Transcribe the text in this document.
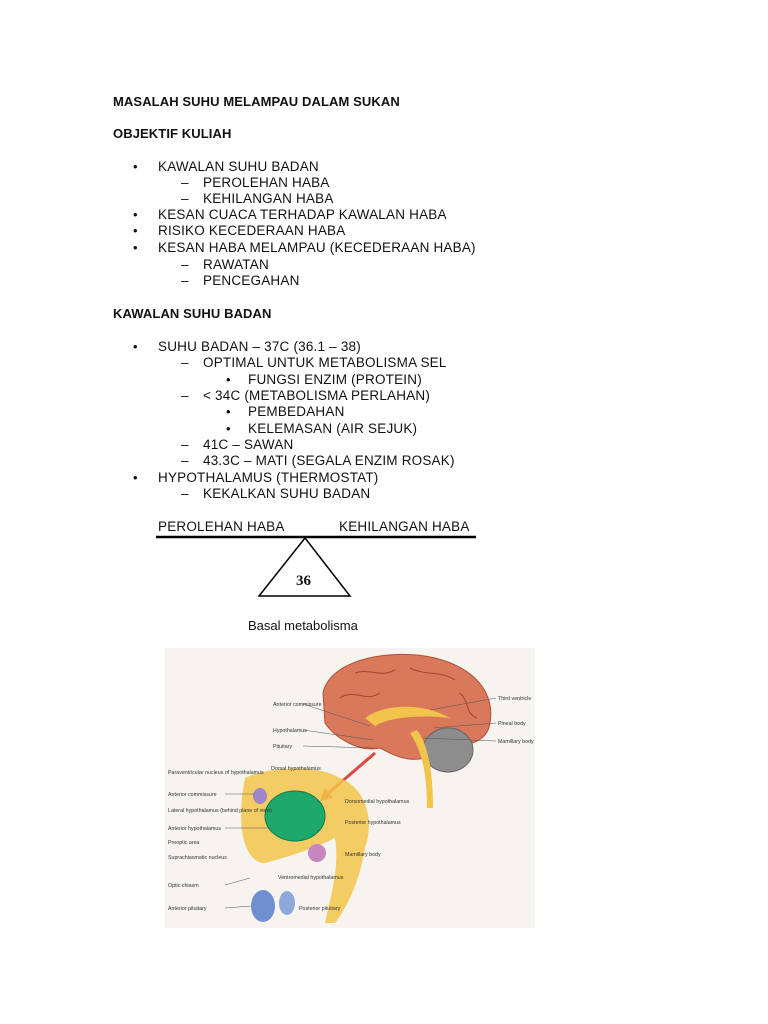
MASALAH SUHU MELAMPAU DALAM SUKAN
OBJEKTIF KULIAH
• KAWALAN SUHU BADAN
– PEROLEHAN HABA
– KEHILANGAN HABA
• KESAN CUACA TERHADAP KAWALAN HABA
• RISIKO KECEDERAAN HABA
• KESAN HABA MELAMPAU (KECEDERAAN HABA)
– RAWATAN
– PENCEGAHAN
KAWALAN SUHU BADAN
• SUHU BADAN – 37C (36.1 – 38)
– OPTIMAL UNTUK METABOLISMA SEL
• FUNGSI ENZIM (PROTEIN)
– < 34C (METABOLISMA PERLAHAN)
• PEMBEDAHAN
• KELEMASAN (AIR SEJUK)
– 41C – SAWAN
– 43.3C – MATI (SEGALA ENZIM ROSAK)
• HYPOTHALAMUS (THERMOSTAT)
– KEKALKAN SUHU BADAN
PEROLEHAN HABA	KEHILANGAN HABA
36
Basal metabolisma
Anterior commissure
Hypothalamus
Pituitary
Third ventricle
Pineal body
Mamillary body
Paraventricular nucleus of hypothalamus
Anterior commissure
Lateral hypothalamus (behind plane of view)
Anterior hypothalamus
Preoptic area
Suprachiasmatic nucleus
Optic chiasm
Anterior pituitary
Dorsal hypothalamus
Ventromedial hypothalamus
Dorsomedial hypothalamus
Posterior hypothalamus
Mamillary body
Posterior pituitary
